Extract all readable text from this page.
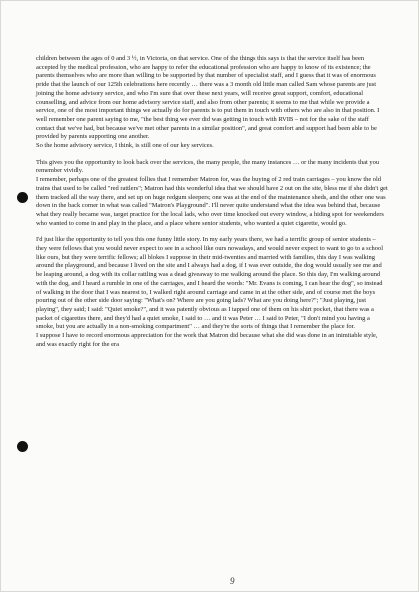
children between the ages of 0 and 3 ½, in Victoria, on that service. One of the things this says is that the service itself has been accepted by the medical profession, who are happy to refer the educational profession who are happy to know of its existence; the parents themselves who are more than willing to be supported by that number of specialist staff, and I guess that it was of enormous pride that the launch of our 125th celebrations here recently … there was a 3 month old little man called Sam whose parents are just joining the home advisory service, and who I'm sure that over these next years, will receive great support, comfort, educational counselling, and advice from our home advisory service staff, and also from other parents; it seems to me that while we provide a service, one of the most important things we actually do for parents is to put them in touch with others who are also in that position. I well remember one parent saying to me, "the best thing we ever did was getting in touch with RVIB – not for the sake of the staff contact that we've had, but because we've met other parents in a similar position", and great comfort and support had been able to be provided by parents supporting one another.

So the home advisory service, I think, is still one of our key services.

This gives you the opportunity to look back over the services, the many people, the many instances … or the many incidents that you remember vividly.

I remember, perhaps one of the greatest follies that I remember Matron for, was the buying of 2 red train carriages – you know the old trains that used to be called "red rattlers"; Matron had this wonderful idea that we should have 2 out on the site, bless me if she didn't get them tracked all the way there, and set up on huge redgum sleepers; one was at the end of the maintenance sheds, and the other one was down in the back corner in what was called "Matron's Playground". I'll never quite understand what the idea was behind that, because what they really became was, target practice for the local lads, who over time knocked out every window, a hiding spot for weekenders who wanted to come in and play in the place, and a place where senior students, who wanted a quiet cigarette, would go.

I'd just like the opportunity to tell you this one funny little story. In my early years there, we had a terrific group of senior students – they were fellows that you would never expect to see in a school like ours nowadays, and would never expect to want to go to a school like ours, but they were terrific fellows; all blokes I suppose in their mid-twenties and married with families, this day I was walking around the playground, and because I lived on the site and I always had a dog, if I was ever outside, the dog would usually see me and be leaping around, a dog with its collar rattling was a dead giveaway to me walking around the place. So this day, I'm walking around with the dog, and I heard a rumble in one of the carriages, and I heard the words: "Mr. Evans is coming, I can hear the dog", so instead of walking in the door that I was nearest to, I walked right around carriage and came in at the other side, and of course met the boys pouring out of the other side door saying: "What's on? Where are you going lads? What are you doing here?"; "Just playing, just playing", they said; I said: "Quiet smoke?", and it was patently obvious as I tapped one of them on his shirt pocket, that there was a packet of cigarettes there, and they'd had a quiet smoke, I said to … and it was Peter … I said to Peter, "I don't mind you having a smoke, but you are actually in a non-smoking compartment" … and they're the sorts of things that I remember the place for.

I suppose I have to record enormous appreciation for the work that Matron did because what she did was done in an inimitable style, and was exactly right for the era

9
